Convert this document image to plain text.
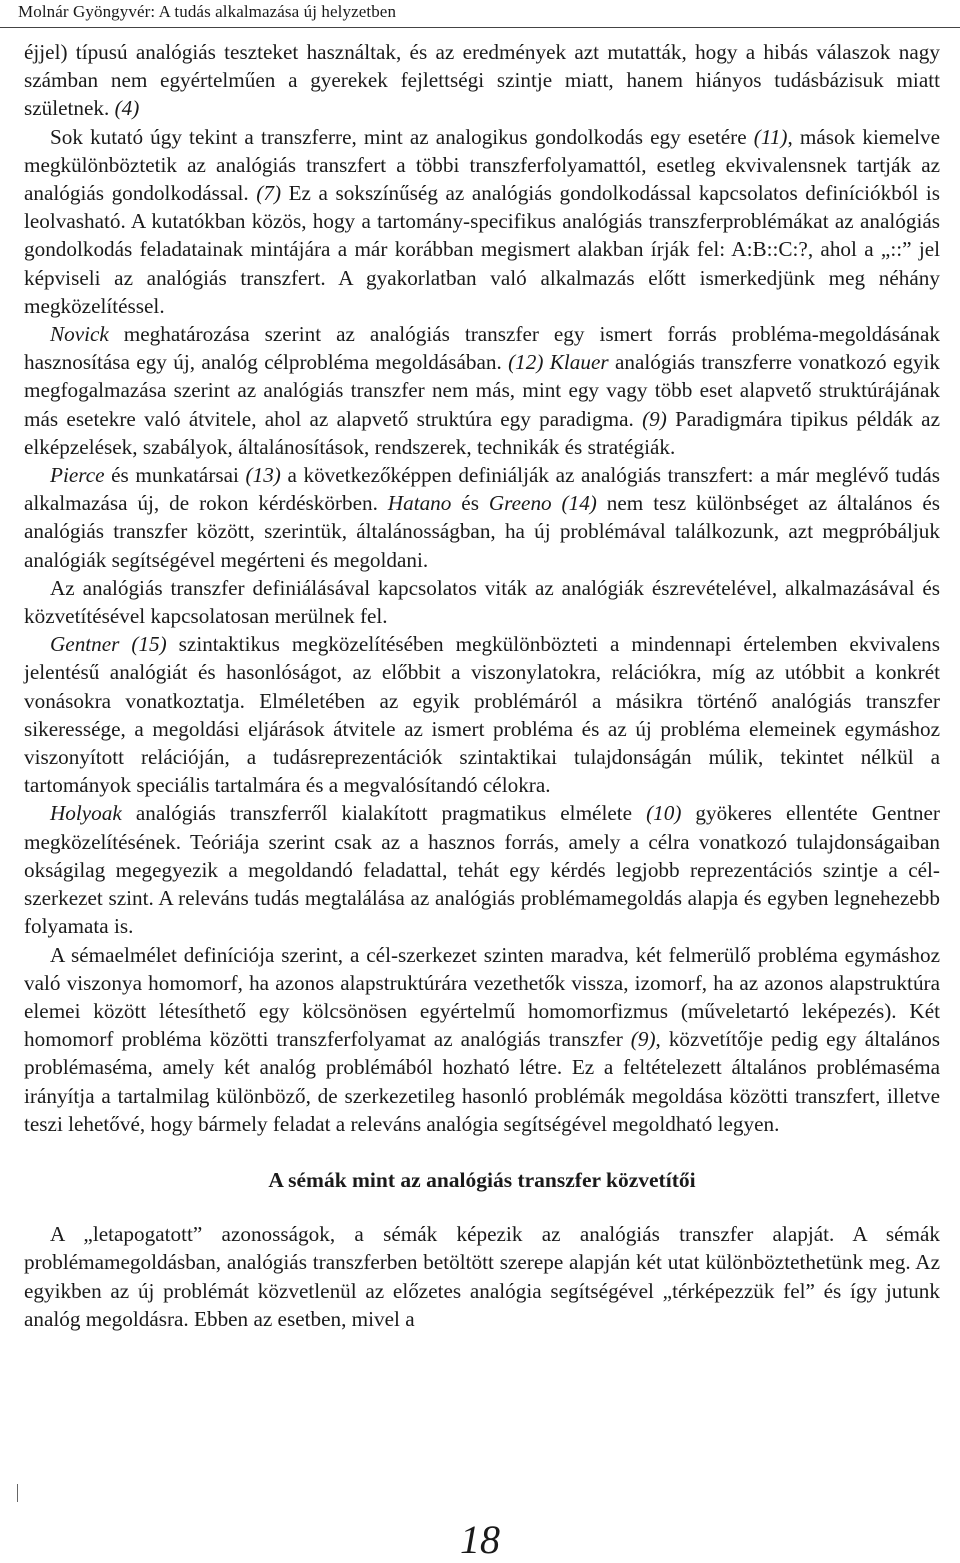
Molnár Gyöngyvér: A tudás alkalmazása új helyzetben

éjjel) típusú analógiás teszteket használtak, és az eredmények azt mutatták, hogy a hibás válaszok nagy számban nem egyértelműen a gyerekek fejlettségi szintje miatt, hanem hiányos tudásbázisuk miatt születnek. (4)

Sok kutató úgy tekint a transzferre, mint az analogikus gondolkodás egy esetére (11), mások kiemelve megkülönböztetik az analógiás transzfert a többi transzferfolyamattól, esetleg ekvivalensnek tartják az analógiás gondolkodással. (7) Ez a sokszínűség az analógiás gondolkodással kapcsolatos definíciókból is leolvasható. A kutatókban közös, hogy a tartomány-specifikus analógiás transzferproblémákat az analógiás gondolkodás feladatainak mintájára a már korábban megismert alakban írják fel: A:B::C:?, ahol a „::” jel képviseli az analógiás transzfert. A gyakorlatban való alkalmazás előtt ismerkedjünk meg néhány megközelítéssel.

Novick meghatározása szerint az analógiás transzfer egy ismert forrás probléma-megoldásának hasznosítása egy új, analóg célprobléma megoldásában. (12) Klauer analógiás transzferre vonatkozó egyik megfogalmazása szerint az analógiás transzfer nem más, mint egy vagy több eset alapvető struktúrájának más esetekre való átvitele, ahol az alapvető struktúra egy paradigma. (9) Paradigmára tipikus példák az elképzelések, szabályok, általánosítások, rendszerek, technikák és stratégiák.

Pierce és munkatársai (13) a következőképpen definiálják az analógiás transzfert: a már meglévő tudás alkalmazása új, de rokon kérdéskörben. Hatano és Greeno (14) nem tesz különbséget az általános és analógiás transzfer között, szerintük, általánosságban, ha új problémával találkozunk, azt megpróbáljuk analógiák segítségével megérteni és megoldani.

Az analógiás transzfer definiálásával kapcsolatos viták az analógiák észrevételével, alkalmazásával és közvetítésével kapcsolatosan merülnek fel.

Gentner (15) szintaktikus megközelítésében megkülönbözteti a mindennapi értelemben ekvivalens jelentésű analógiát és hasonlóságot, az előbbit a viszonylatokra, relációkra, míg az utóbbit a konkrét vonásokra vonatkoztatja. Elméletében az egyik problémáról a másikra történő analógiás transzfer sikeressége, a megoldási eljárások átvitele az ismert probléma és az új probléma elemeinek egymáshoz viszonyított relációján, a tudásreprezentációk szintaktikai tulajdonságán múlik, tekintet nélkül a tartományok speciális tartalmára és a megvalósítandó célokra.

Holyoak analógiás transzferről kialakított pragmatikus elmélete (10) gyökeres ellentéte Gentner megközelítésének. Teóriája szerint csak az a hasznos forrás, amely a célra vonatkozó tulajdonságaiban okságilag megegyezik a megoldandó feladattal, tehát egy kérdés legjobb reprezentációs szintje a cél-szerkezet szint. A releváns tudás megtalálása az analógiás problémamegoldás alapja és egyben legnehezebb folyamata is.

A sémaelmélet definíciója szerint, a cél-szerkezet szinten maradva, két felmerülő probléma egymáshoz való viszonya homomorf, ha azonos alapstruktúrára vezethetők vissza, izomorf, ha az azonos alapstruktúra elemei között létesíthető egy kölcsönösen egyértelmű homomorfizmus (műveletartó leképezés). Két homomorf probléma közötti transzferfolyamat az analógiás transzfer (9), közvetítője pedig egy általános problémaséma, amely két analóg problémából hozható létre. Ez a feltételezett általános problémaséma irányítja a tartalmilag különböző, de szerkezetileg hasonló problémák megoldása közötti transzfert, illetve teszi lehetővé, hogy bármely feladat a releváns analógia segítségével megoldható legyen.

A sémák mint az analógiás transzfer közvetítői

A „letapogatott” azonosságok, a sémák képezik az analógiás transzfer alapját. A sémák problémamegoldásban, analógiás transzferben betöltött szerepe alapján két utat különböztethetünk meg. Az egyikben az új problémát közvetlenül az előzetes analógia segítségével „térképezzük fel” és így jutunk analóg megoldásra. Ebben az esetben, mivel a

18
